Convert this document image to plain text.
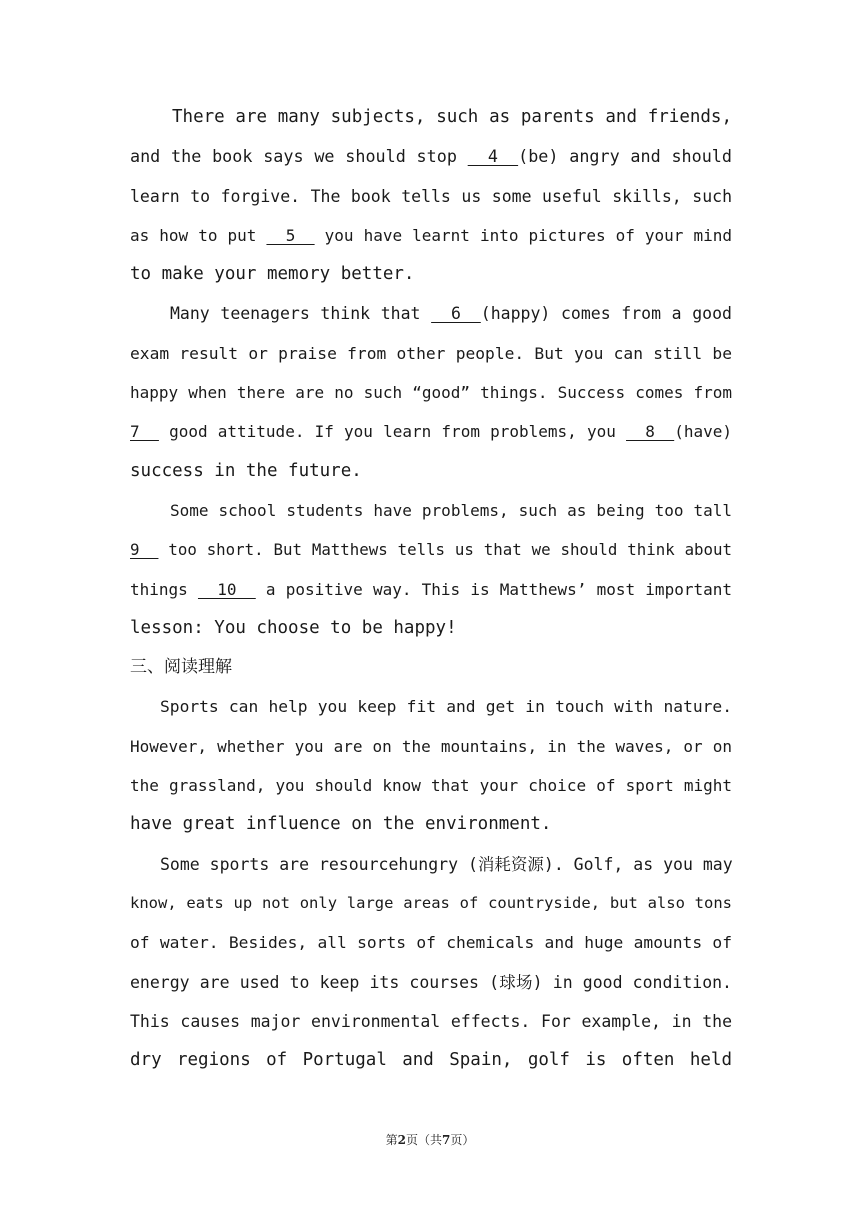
There are many subjects, such as parents and friends,
and the book says we should stop   4  (be) angry and should
learn to forgive. The book tells us some useful skills, such
as how to put   5   you have learnt into pictures of your mind
to make your memory better.
Many teenagers think that   6  (happy) comes from a good
exam result or praise from other people. But you can still be
happy when there are no such “good” things. Success comes from
7   good attitude. If you learn from problems, you   8  (have)
success in the future.
Some school students have problems, such as being too tall
9   too short. But Matthews tells us that we should think about
things   10   a positive way. This is Matthews’ most important
lesson: You choose to be happy!
三、阅读理解
Sports can help you keep fit and get in touch with nature.
However, whether you are on the mountains, in the waves, or on
the grassland, you should know that your choice of sport might
have great influence on the environment.
Some sports are resourcehungry (消耗资源). Golf, as you may
know, eats up not only large areas of countryside, but also tons
of water. Besides, all sorts of chemicals and huge amounts of
energy are used to keep its courses (球场) in good condition.
This causes major environmental effects. For example, in the
dry regions of Portugal and Spain, golf is often held
第2页（共7页）
